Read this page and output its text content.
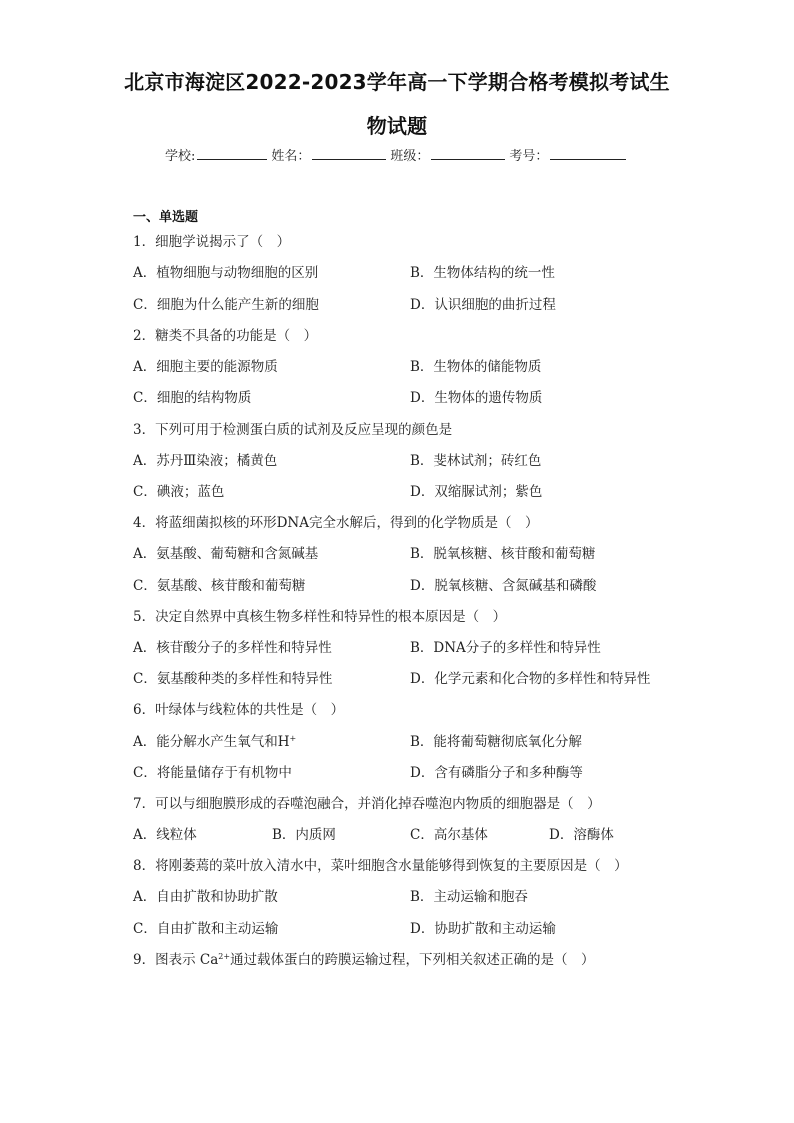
北京市海淀区2022-2023学年高一下学期合格考模拟考试生
物试题
学校:	姓名：	班级：	考号：
一、单选题
1．细胞学说揭示了（　）
A．植物细胞与动物细胞的区别	B．生物体结构的统一性
C．细胞为什么能产生新的细胞	D．认识细胞的曲折过程
2．糖类不具备的功能是（　）
A．细胞主要的能源物质	B．生物体的储能物质
C．细胞的结构物质	D．生物体的遗传物质
3．下列可用于检测蛋白质的试剂及反应呈现的颜色是
A．苏丹Ⅲ染液；橘黄色	B．斐林试剂；砖红色
C．碘液；蓝色	D．双缩脲试剂；紫色
4．将蓝细菌拟核的环形DNA完全水解后，得到的化学物质是（　）
A．氨基酸、葡萄糖和含氮碱基	B．脱氧核糖、核苷酸和葡萄糖
C．氨基酸、核苷酸和葡萄糖	D．脱氧核糖、含氮碱基和磷酸
5．决定自然界中真核生物多样性和特异性的根本原因是（　）
A．核苷酸分子的多样性和特异性	B．DNA分子的多样性和特异性
C．氨基酸种类的多样性和特异性	D．化学元素和化合物的多样性和特异性
6．叶绿体与线粒体的共性是（　）
A．能分解水产生氧气和H+	B．能将葡萄糖彻底氧化分解
C．将能量储存于有机物中	D．含有磷脂分子和多种酶等
7．可以与细胞膜形成的吞噬泡融合，并消化掉吞噬泡内物质的细胞器是（　）
A．线粒体	B．内质网	C．高尔基体	D．溶酶体
8．将刚萎蔫的菜叶放入清水中，菜叶细胞含水量能够得到恢复的主要原因是（　）
A．自由扩散和协助扩散	B．主动运输和胞吞
C．自由扩散和主动运输	D．协助扩散和主动运输
9．图表示 $Ca^{2+}$通过载体蛋白的跨膜运输过程，下列相关叙述正确的是（　）
